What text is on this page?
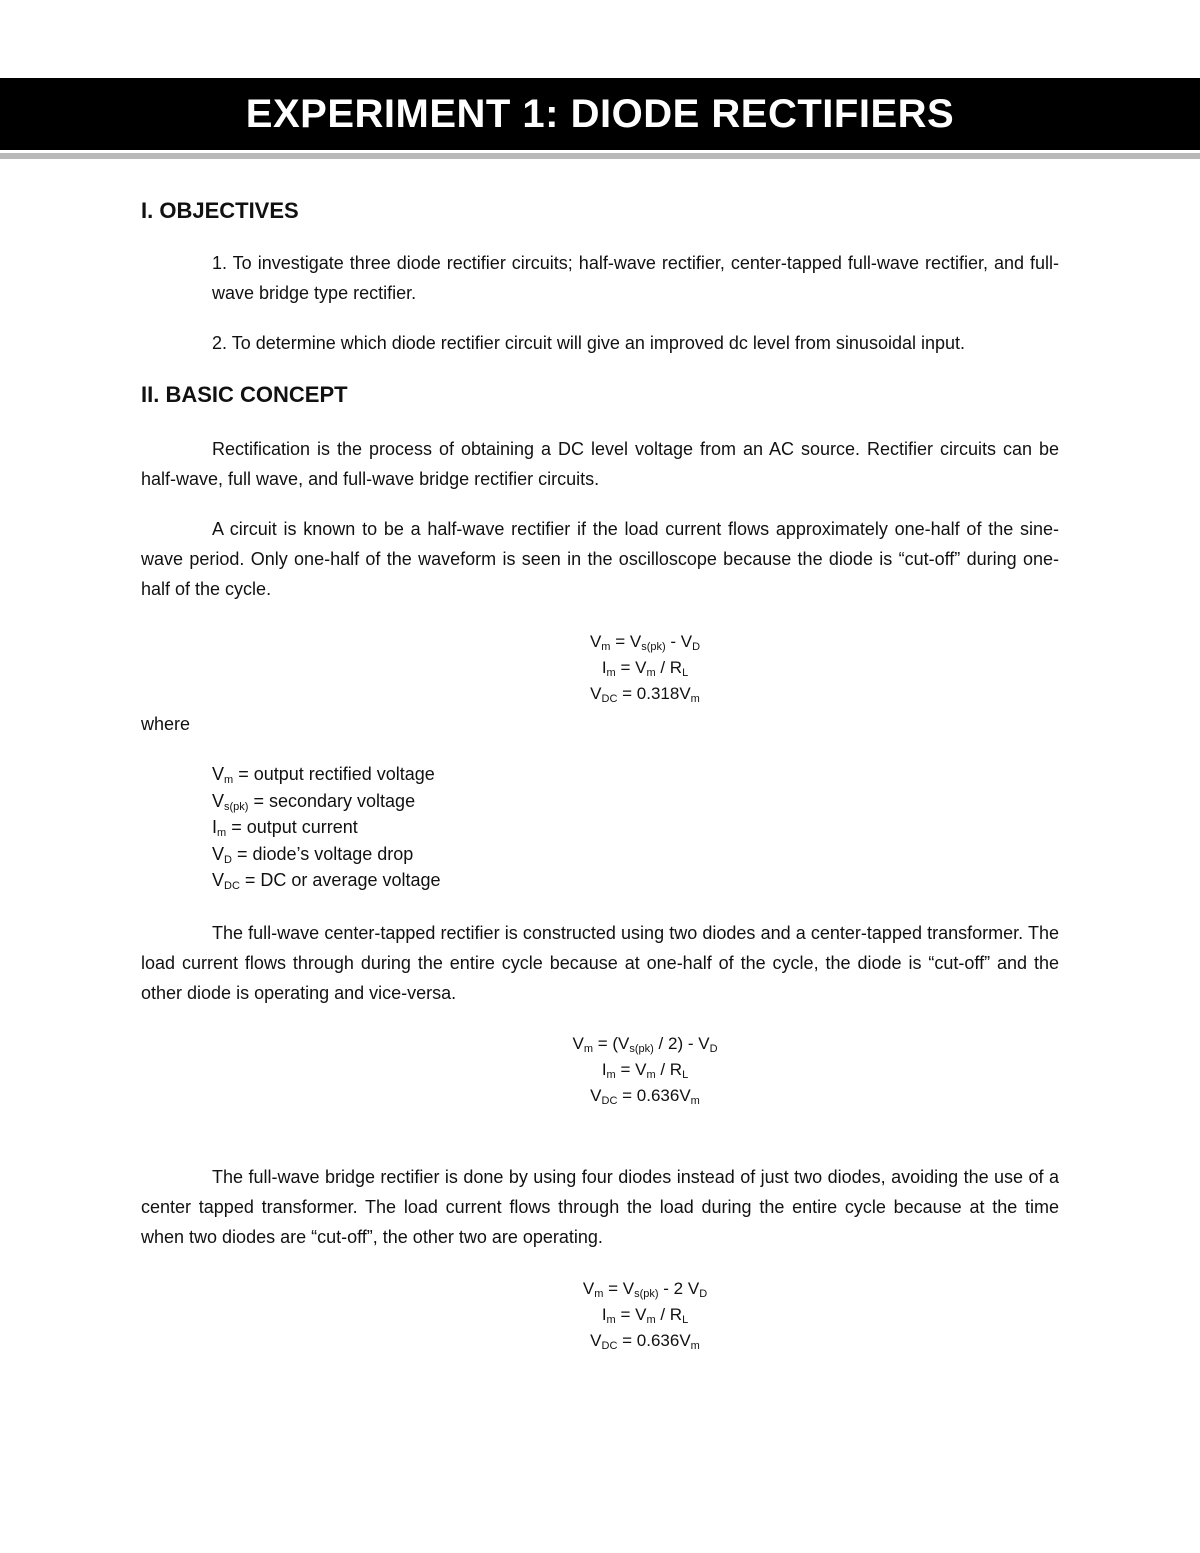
EXPERIMENT 1: DIODE RECTIFIERS
I. OBJECTIVES

1. To investigate three diode rectifier circuits; half-wave rectifier, center-tapped full-wave rectifier, and full-wave bridge type rectifier.

2. To determine which diode rectifier circuit will give an improved dc level from sinusoidal input.

II. BASIC CONCEPT

Rectification is the process of obtaining a DC level voltage from an AC source. Rectifier circuits can be half-wave, full wave, and full-wave bridge rectifier circuits.

A circuit is known to be a half-wave rectifier if the load current flows approximately one-half of the sine-wave period. Only one-half of the waveform is seen in the oscilloscope because the diode is “cut-off” during one-half of the cycle.

$V_m = V_{s(pk)} - V_D$
$I_m = V_m / R_L$
$V_{DC} = 0.318V_m$
where
$V_m$ = output rectified voltage
$V_{s(pk)}$ = secondary voltage
$I_m$ = output current
$V_D$ = diode’s voltage drop
$V_{DC}$ = DC or average voltage

The full-wave center-tapped rectifier is constructed using two diodes and a center-tapped transformer. The load current flows through during the entire cycle because at one-half of the cycle, the diode is “cut-off” and the other diode is operating and vice-versa.

$V_m = (V_{s(pk)} / 2) - V_D$
$I_m = V_m / R_L$
$V_{DC} = 0.636V_m$

The full-wave bridge rectifier is done by using four diodes instead of just two diodes, avoiding the use of a center tapped transformer. The load current flows through the load during the entire cycle because at the time when two diodes are “cut-off”, the other two are operating.

$V_m = V_{s(pk)} - 2$ $V_D$
$I_m = V_m / R_L$
$V_{DC} = 0.636V_m$
